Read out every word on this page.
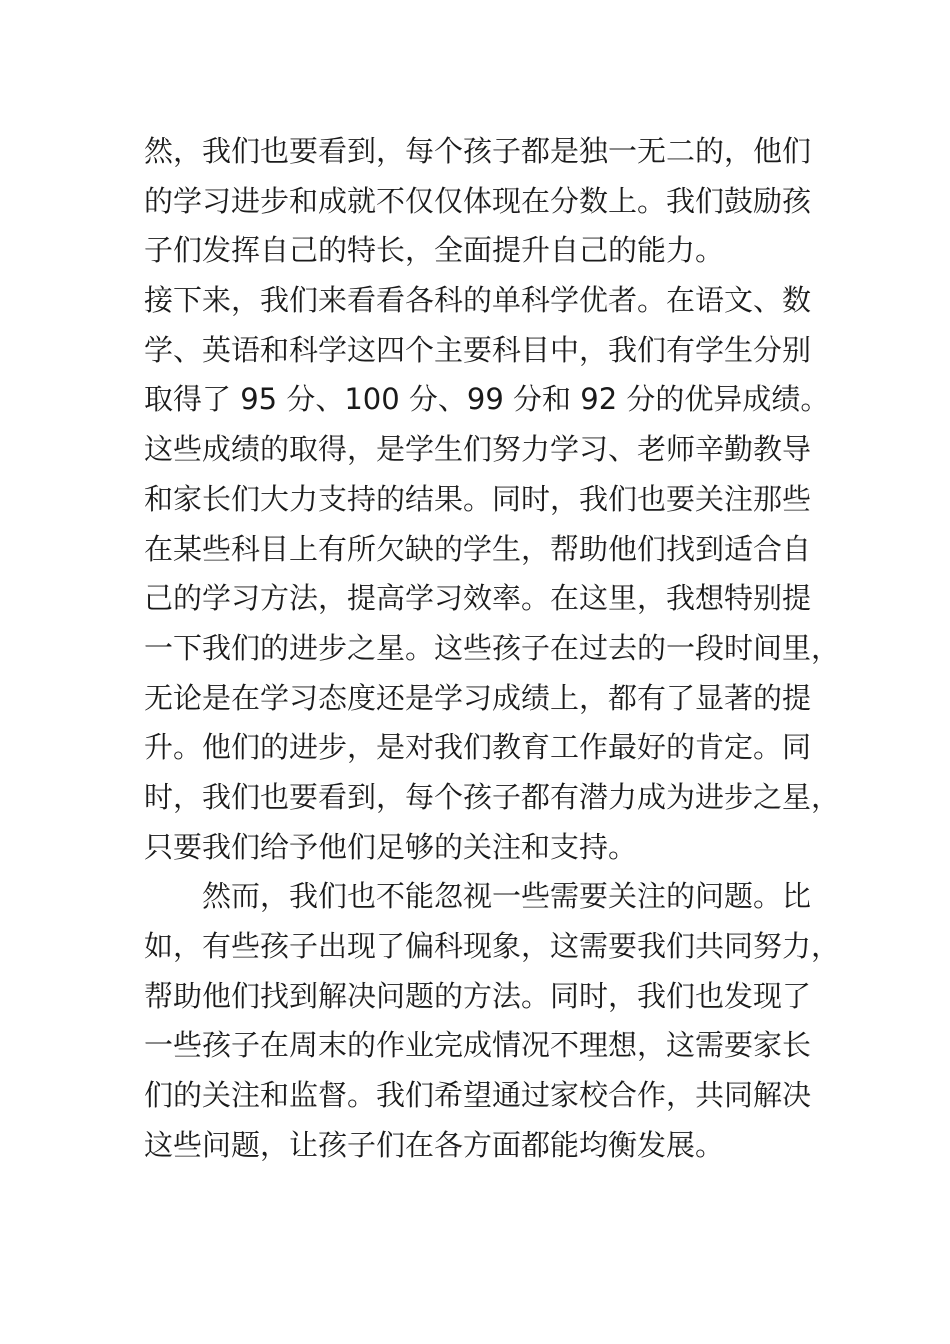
然，我们也要看到，每个孩子都是独一无二的，他们
的学习进步和成就不仅仅体现在分数上。我们鼓励孩
子们发挥自己的特长，全面提升自己的能力。
接下来，我们来看看各科的单科学优者。在语文、数
学、英语和科学这四个主要科目中，我们有学生分别
取得了 95 分、100 分、99 分和 92 分的优异成绩。
这些成绩的取得，是学生们努力学习、老师辛勤教导
和家长们大力支持的结果。同时，我们也要关注那些
在某些科目上有所欠缺的学生，帮助他们找到适合自
己的学习方法，提高学习效率。在这里，我想特别提
一下我们的进步之星。这些孩子在过去的一段时间里，
无论是在学习态度还是学习成绩上，都有了显著的提
升。他们的进步，是对我们教育工作最好的肯定。同
时，我们也要看到，每个孩子都有潜力成为进步之星，
只要我们给予他们足够的关注和支持。
　　然而，我们也不能忽视一些需要关注的问题。比
如，有些孩子出现了偏科现象，这需要我们共同努力，
帮助他们找到解决问题的方法。同时，我们也发现了
一些孩子在周末的作业完成情况不理想，这需要家长
们的关注和监督。我们希望通过家校合作，共同解决
这些问题，让孩子们在各方面都能均衡发展。
